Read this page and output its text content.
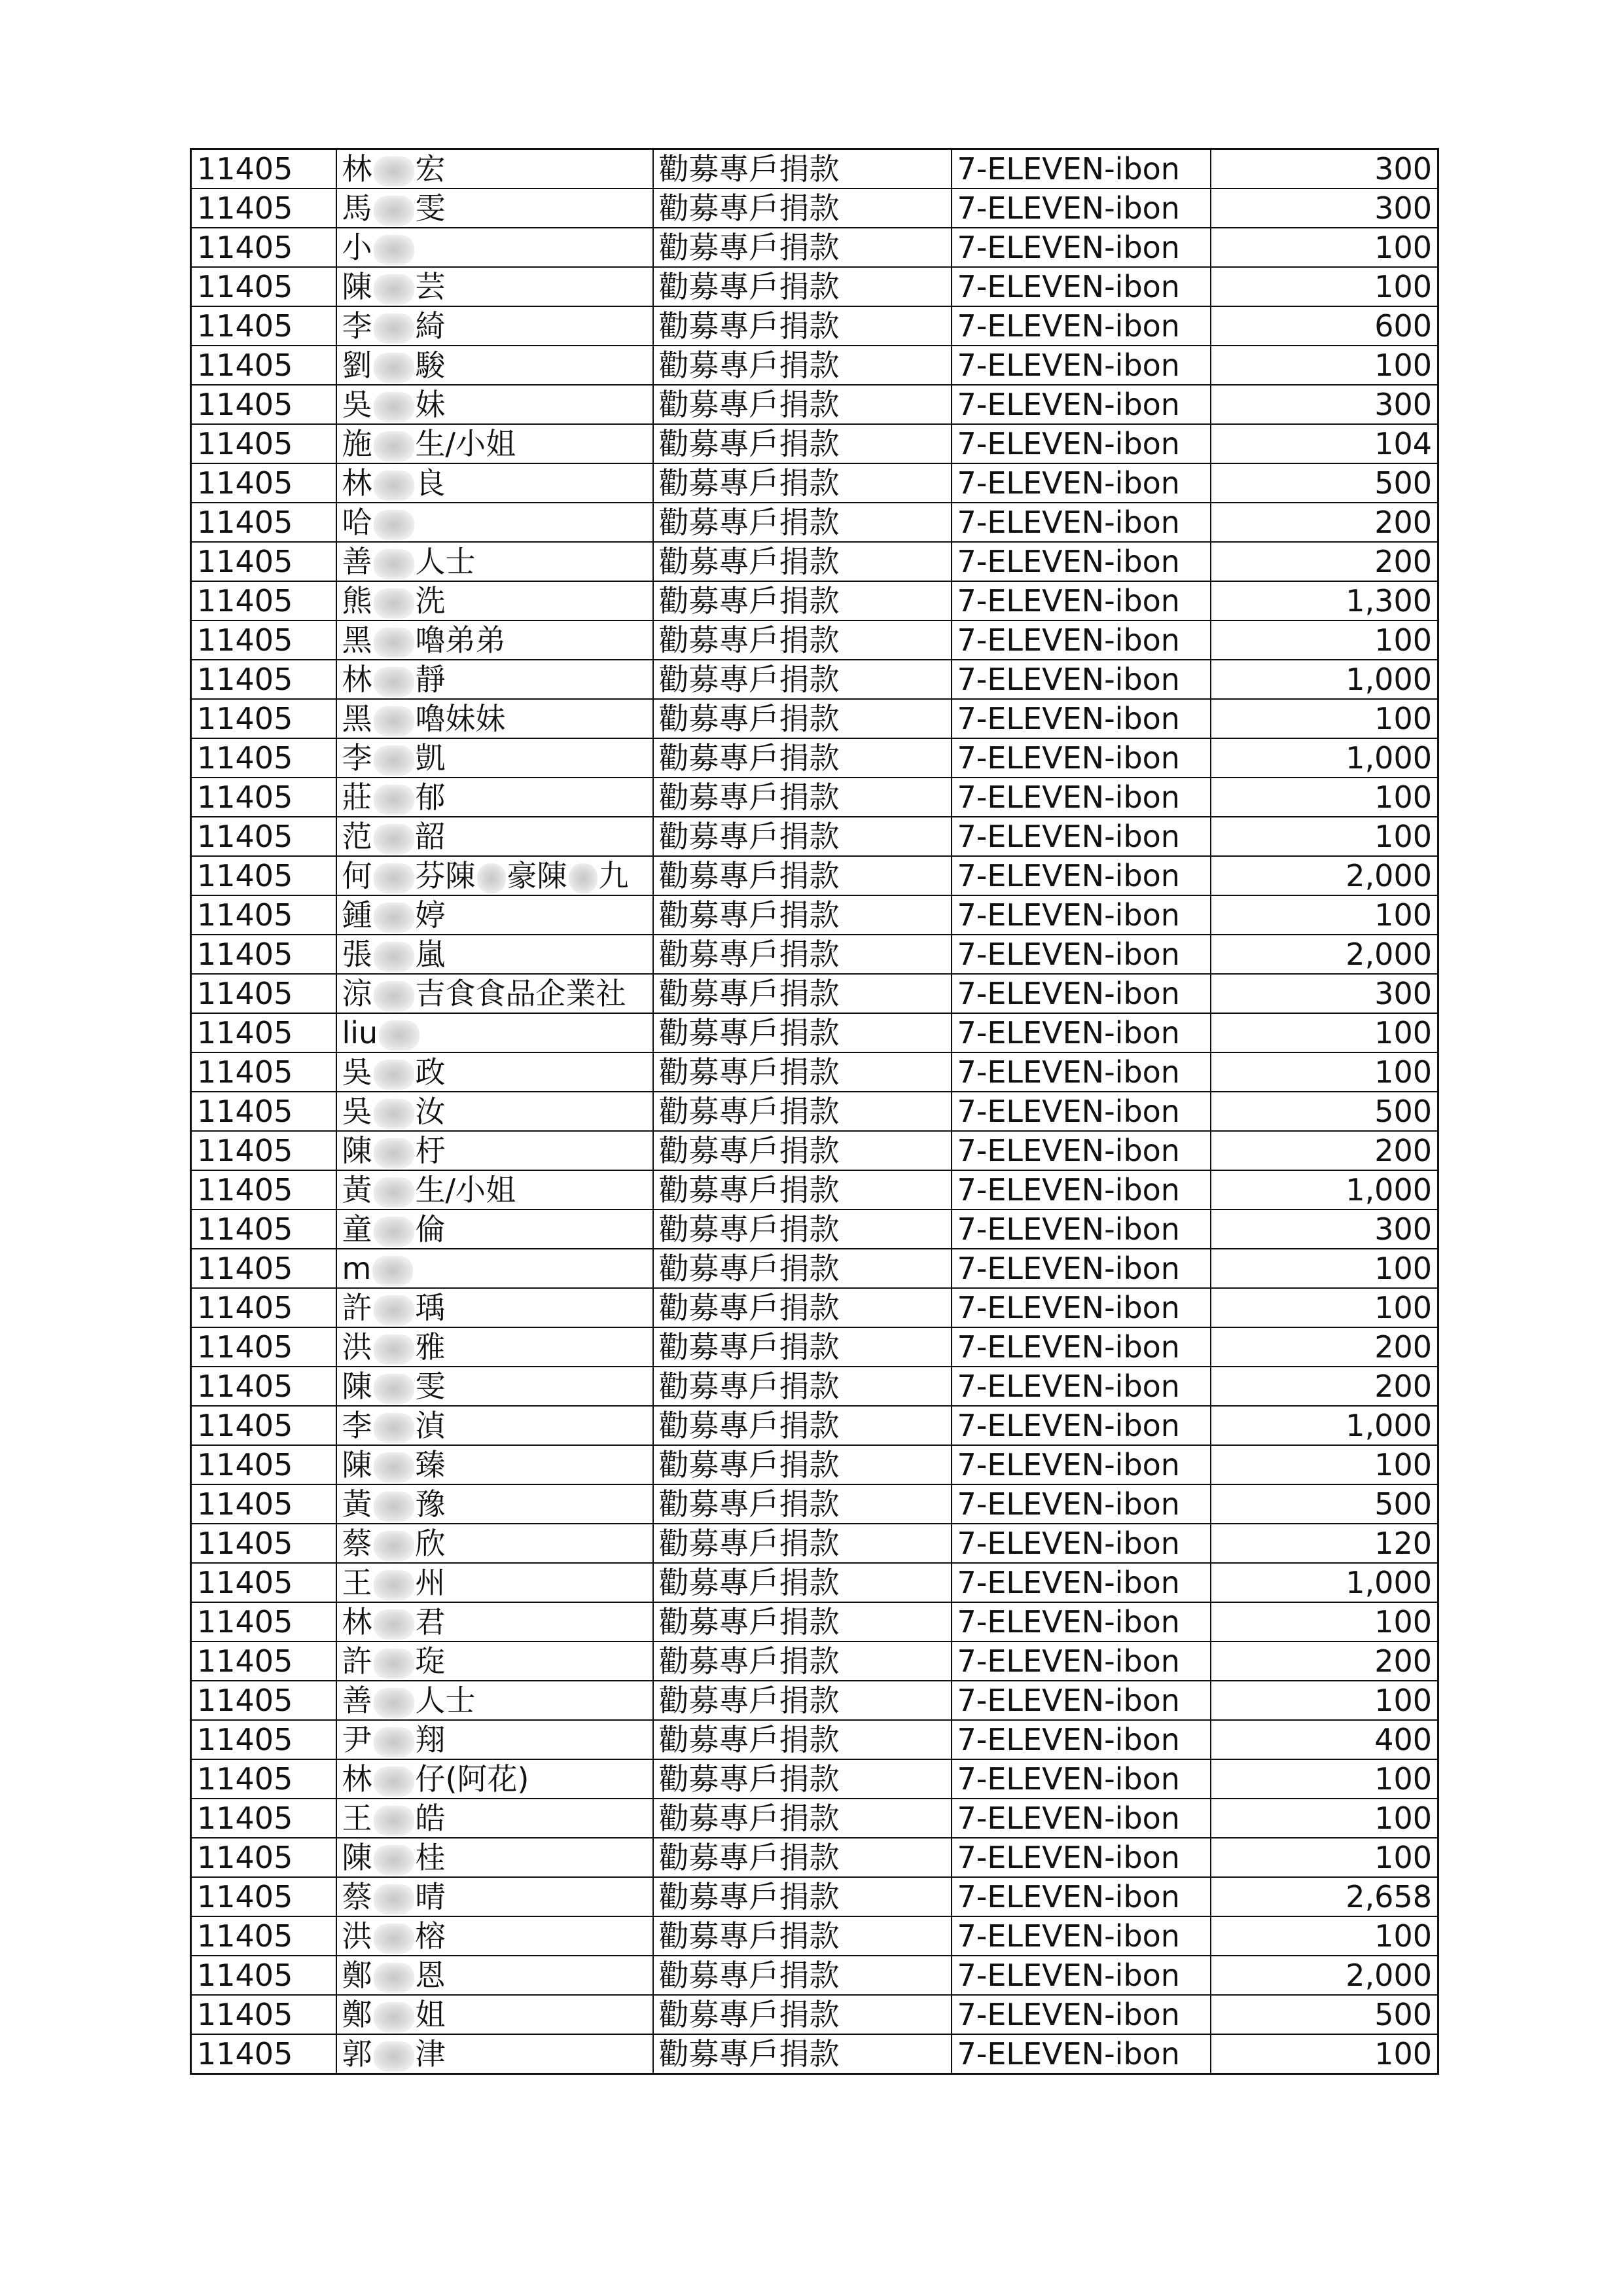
11405	林 宏	勸募專戶捐款	7-ELEVEN-ibon	300
11405	馬 雯	勸募專戶捐款	7-ELEVEN-ibon	300
11405	小	勸募專戶捐款	7-ELEVEN-ibon	100
11405	陳 芸	勸募專戶捐款	7-ELEVEN-ibon	100
11405	李 綺	勸募專戶捐款	7-ELEVEN-ibon	600
11405	劉 駿	勸募專戶捐款	7-ELEVEN-ibon	100
11405	吳 妹	勸募專戶捐款	7-ELEVEN-ibon	300
11405	施 生/小姐	勸募專戶捐款	7-ELEVEN-ibon	104
11405	林 良	勸募專戶捐款	7-ELEVEN-ibon	500
11405	哈	勸募專戶捐款	7-ELEVEN-ibon	200
11405	善 人士	勸募專戶捐款	7-ELEVEN-ibon	200
11405	熊 洗	勸募專戶捐款	7-ELEVEN-ibon	1,300
11405	黑 嚕弟弟	勸募專戶捐款	7-ELEVEN-ibon	100
11405	林 靜	勸募專戶捐款	7-ELEVEN-ibon	1,000
11405	黑 嚕妹妹	勸募專戶捐款	7-ELEVEN-ibon	100
11405	李 凱	勸募專戶捐款	7-ELEVEN-ibon	1,000
11405	莊 郁	勸募專戶捐款	7-ELEVEN-ibon	100
11405	范 韶	勸募專戶捐款	7-ELEVEN-ibon	100
11405	何 芬陳 豪陳 九	勸募專戶捐款	7-ELEVEN-ibon	2,000
11405	鍾 婷	勸募專戶捐款	7-ELEVEN-ibon	100
11405	張 嵐	勸募專戶捐款	7-ELEVEN-ibon	2,000
11405	涼 吉食食品企業社	勸募專戶捐款	7-ELEVEN-ibon	300
11405	liu	勸募專戶捐款	7-ELEVEN-ibon	100
11405	吳 政	勸募專戶捐款	7-ELEVEN-ibon	100
11405	吳 汝	勸募專戶捐款	7-ELEVEN-ibon	500
11405	陳 杅	勸募專戶捐款	7-ELEVEN-ibon	200
11405	黃 生/小姐	勸募專戶捐款	7-ELEVEN-ibon	1,000
11405	童 倫	勸募專戶捐款	7-ELEVEN-ibon	300
11405	m	勸募專戶捐款	7-ELEVEN-ibon	100
11405	許 瑀	勸募專戶捐款	7-ELEVEN-ibon	100
11405	洪 雅	勸募專戶捐款	7-ELEVEN-ibon	200
11405	陳 雯	勸募專戶捐款	7-ELEVEN-ibon	200
11405	李 湞	勸募專戶捐款	7-ELEVEN-ibon	1,000
11405	陳 臻	勸募專戶捐款	7-ELEVEN-ibon	100
11405	黃 豫	勸募專戶捐款	7-ELEVEN-ibon	500
11405	蔡 欣	勸募專戶捐款	7-ELEVEN-ibon	120
11405	王 州	勸募專戶捐款	7-ELEVEN-ibon	1,000
11405	林 君	勸募專戶捐款	7-ELEVEN-ibon	100
11405	許 琁	勸募專戶捐款	7-ELEVEN-ibon	200
11405	善 人士	勸募專戶捐款	7-ELEVEN-ibon	100
11405	尹 翔	勸募專戶捐款	7-ELEVEN-ibon	400
11405	林 仔(阿花)	勸募專戶捐款	7-ELEVEN-ibon	100
11405	王 皓	勸募專戶捐款	7-ELEVEN-ibon	100
11405	陳 桂	勸募專戶捐款	7-ELEVEN-ibon	100
11405	蔡 晴	勸募專戶捐款	7-ELEVEN-ibon	2,658
11405	洪 榕	勸募專戶捐款	7-ELEVEN-ibon	100
11405	鄭 恩	勸募專戶捐款	7-ELEVEN-ibon	2,000
11405	鄭 姐	勸募專戶捐款	7-ELEVEN-ibon	500
11405	郭 津	勸募專戶捐款	7-ELEVEN-ibon	100
